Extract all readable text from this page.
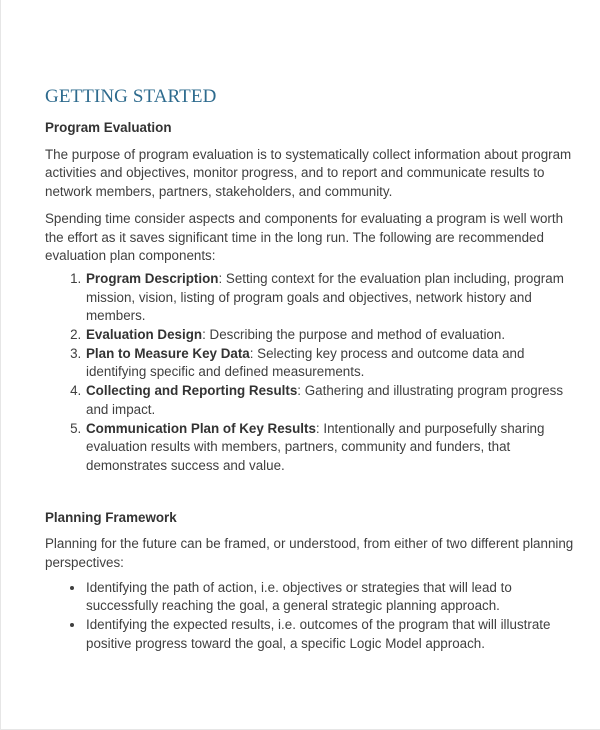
GETTING STARTED
Program Evaluation

The purpose of program evaluation is to systematically collect information about program activities and objectives, monitor progress, and to report and communicate results to network members, partners, stakeholders, and community.

Spending time consider aspects and components for evaluating a program is well worth the effort as it saves significant time in the long run. The following are recommended evaluation plan components:

1. Program Description: Setting context for the evaluation plan including, program mission, vision, listing of program goals and objectives, network history and members.
2. Evaluation Design: Describing the purpose and method of evaluation.
3. Plan to Measure Key Data: Selecting key process and outcome data and identifying specific and defined measurements.
4. Collecting and Reporting Results: Gathering and illustrating program progress and impact.
5. Communication Plan of Key Results: Intentionally and purposefully sharing evaluation results with members, partners, community and funders, that demonstrates success and value.
Planning Framework

Planning for the future can be framed, or understood, from either of two different planning perspectives:

• Identifying the path of action, i.e. objectives or strategies that will lead to successfully reaching the goal, a general strategic planning approach.
• Identifying the expected results, i.e. outcomes of the program that will illustrate positive progress toward the goal, a specific Logic Model approach.
